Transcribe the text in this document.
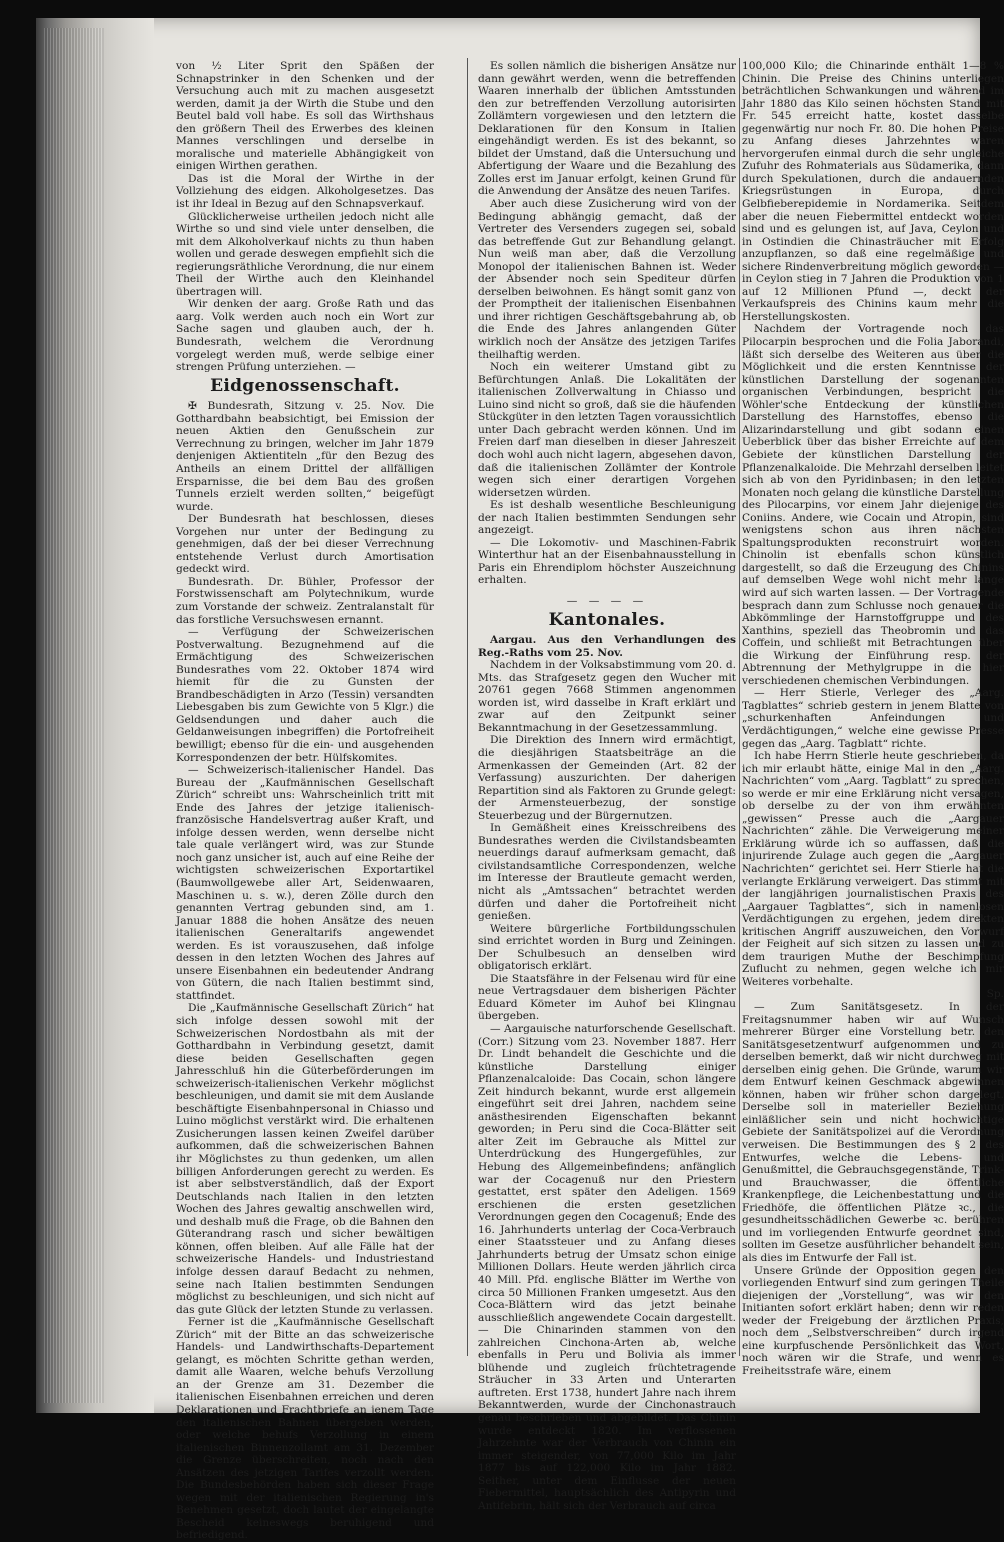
von ½ Liter Sprit den Späßen der Schnapstrinker in den Schenken und der Versuchung auch mit zu machen ausgesetzt werden, damit ja der Wirth die Stube und den Beutel bald voll habe. Es soll das Wirthshaus den größern Theil des Erwerbes des kleinen Mannes verschlingen und derselbe in moralische und materielle Abhängigkeit von einigen Wirthen gerathen.

Das ist die Moral der Wirthe in der Vollziehung des eidgen. Alkoholgesetzes. Das ist ihr Ideal in Bezug auf den Schnapsverkauf.

Glücklicherweise urtheilen jedoch nicht alle Wirthe so und sind viele unter denselben, die mit dem Alkoholverkauf nichts zu thun haben wollen und gerade deswegen empfiehlt sich die regierungsräthliche Verordnung, die nur einem Theil der Wirthe auch den Kleinhandel übertragen will.

Wir denken der aarg. Große Rath und das aarg. Volk werden auch noch ein Wort zur Sache sagen und glauben auch, der h. Bundesrath, welchem die Verordnung vorgelegt werden muß, werde selbige einer strengen Prüfung unterziehen. —

Eidgenossenschaft.

✠ Bundesrath, Sitzung v. 25. Nov. Die Gotthardbahn beabsichtigt, bei Emission der neuen Aktien den Genußschein zur Verrechnung zu bringen, welcher im Jahr 1879 denjenigen Aktientiteln „für den Bezug des Antheils an einem Drittel der allfälligen Ersparnisse, die bei dem Bau des großen Tunnels erzielt werden sollten,“ beigefügt wurde.

Der Bundesrath hat beschlossen, dieses Vorgehen nur unter der Bedingung zu genehmigen, daß der bei dieser Verrechnung entstehende Verlust durch Amortisation gedeckt wird.

Bundesrath. Dr. Bühler, Professor der Forstwissenschaft am Polytechnikum, wurde zum Vorstande der schweiz. Zentralanstalt für das forstliche Versuchswesen ernannt.

— Verfügung der Schweizerischen Postverwaltung. Bezugnehmend auf die Ermächtigung des Schweizerischen Bundesrathes vom 22. Oktober 1874 wird hiemit für die zu Gunsten der Brandbeschädigten in Arzo (Tessin) versandten Liebesgaben bis zum Gewichte von 5 Klgr.) die Geldsendungen und daher auch die Geldanweisungen inbegriffen) die Portofreiheit bewilligt; ebenso für die ein- und ausgehenden Korrespondenzen der betr. Hülfskomites.

— Schweizerisch-italienischer Handel. Das Bureau der „Kaufmännischen Gesellschaft Zürich“ schreibt uns: Wahrscheinlich tritt mit Ende des Jahres der jetzige italienisch-französische Handelsvertrag außer Kraft, und infolge dessen werden, wenn derselbe nicht tale quale verlängert wird, was zur Stunde noch ganz unsicher ist, auch auf eine Reihe der wichtigsten schweizerischen Exportartikel (Baumwollgewebe aller Art, Seidenwaaren, Maschinen u. s. w.), deren Zölle durch den genannten Vertrag gebunden sind, am 1. Januar 1888 die hohen Ansätze des neuen italienischen Generaltarifs angewendet werden. Es ist vorauszusehen, daß infolge dessen in den letzten Wochen des Jahres auf unsere Eisenbahnen ein bedeutender Andrang von Gütern, die nach Italien bestimmt sind, stattfindet.

Die „Kaufmännische Gesellschaft Zürich“ hat sich infolge dessen sowohl mit der Schweizerischen Nordostbahn als mit der Gotthardbahn in Verbindung gesetzt, damit diese beiden Gesellschaften gegen Jahresschluß hin die Güterbeförderungen im schweizerisch-italienischen Verkehr möglichst beschleunigen, und damit sie mit dem Auslande beschäftigte Eisenbahnpersonal in Chiasso und Luino möglichst verstärkt wird. Die erhaltenen Zusicherungen lassen keinen Zweifel darüber aufkommen, daß die schweizerischen Bahnen ihr Möglichstes zu thun gedenken, um allen billigen Anforderungen gerecht zu werden. Es ist aber selbstverständlich, daß der Export Deutschlands nach Italien in den letzten Wochen des Jahres gewaltig anschwellen wird, und deshalb muß die Frage, ob die Bahnen den Güterandrang rasch und sicher bewältigen können, offen bleiben. Auf alle Fälle hat der schweizerische Handels- und Industriestand infolge dessen darauf Bedacht zu nehmen, seine nach Italien bestimmten Sendungen möglichst zu beschleunigen, und sich nicht auf das gute Glück der letzten Stunde zu verlassen.

Ferner ist die „Kaufmännische Gesellschaft Zürich“ mit der Bitte an das schweizerische Handels- und Landwirthschafts-Departement gelangt, es möchten Schritte gethan werden, damit alle Waaren, welche behufs Verzollung an der Grenze am 31. Dezember die italienischen Eisenbahnen erreichen und deren Deklarationen und Frachtbriefe an jenem Tage den italienischen Bahnen übergeben werden, oder welche behufs Verzollung in einem italienischen Binnenzollamt am 31. Dezember die Grenze überschreiten, noch nach den Ansätzen des jetzigen Tarifes verzollt werden. Die Bundesbehörden haben sich dieser Frage wegen mit der italienischen Regierung in's Benehmen gesetzt, doch lautet der eingelangte Bescheid keineswegs beruhigend und befriedigend.

Es sollen nämlich die bisherigen Ansätze nur dann gewährt werden, wenn die betreffenden Waaren innerhalb der üblichen Amtsstunden den zur betreffenden Verzollung autorisirten Zollämtern vorgewiesen und den letztern die Deklarationen für den Konsum in Italien eingehändigt werden. Es ist des bekannt, so bildet der Umstand, daß die Untersuchung und Abfertigung der Waare und die Bezahlung des Zolles erst im Januar erfolgt, keinen Grund für die Anwendung der Ansätze des neuen Tarifes.

Aber auch diese Zusicherung wird von der Bedingung abhängig gemacht, daß der Vertreter des Versenders zugegen sei, sobald das betreffende Gut zur Behandlung gelangt. Nun weiß man aber, daß die Verzollung Monopol der italienischen Bahnen ist. Weder der Absender noch sein Spediteur dürfen derselben beiwohnen. Es hängt somit ganz von der Promptheit der italienischen Eisenbahnen und ihrer richtigen Geschäftsgebahrung ab, ob die Ende des Jahres anlangenden Güter wirklich noch der Ansätze des jetzigen Tarifes theilhaftig werden.

Noch ein weiterer Umstand gibt zu Befürchtungen Anlaß. Die Lokalitäten der italienischen Zollverwaltung in Chiasso und Luino sind nicht so groß, daß sie die häufenden Stückgüter in den letzten Tagen voraussichtlich unter Dach gebracht werden können. Und im Freien darf man dieselben in dieser Jahreszeit doch wohl auch nicht lagern, abgesehen davon, daß die italienischen Zollämter der Kontrole wegen sich einer derartigen Vorgehen widersetzen würden.

Es ist deshalb wesentliche Beschleunigung der nach Italien bestimmten Sendungen sehr angezeigt.

— Die Lokomotiv- und Maschinen-Fabrik Winterthur hat an der Eisenbahnausstellung in Paris ein Ehrendiplom höchster Auszeichnung erhalten.

— — — —
Kantonales.

Aargau. Aus den Verhandlungen des Reg.-Raths vom 25. Nov.

Nachdem in der Volksabstimmung vom 20. d. Mts. das Strafgesetz gegen den Wucher mit 20761 gegen 7668 Stimmen angenommen worden ist, wird dasselbe in Kraft erklärt und zwar auf den Zeitpunkt seiner Bekanntmachung in der Gesetzessammlung.

Die Direktion des Innern wird ermächtigt, die diesjährigen Staatsbeiträge an die Armenkassen der Gemeinden (Art. 82 der Verfassung) auszurichten. Der daherigen Repartition sind als Faktoren zu Grunde gelegt: der Armensteuerbezug, der sonstige Steuerbezug und der Bürgernutzen.

In Gemäßheit eines Kreisschreibens des Bundesrathes werden die Civilstandsbeamten neuerdings darauf aufmerksam gemacht, daß civilstandsamtliche Correspondenzen, welche im Interesse der Brautleute gemacht werden, nicht als „Amtssachen“ betrachtet werden dürfen und daher die Portofreiheit nicht genießen.

Weitere bürgerliche Fortbildungsschulen sind errichtet worden in Burg und Zeiningen. Der Schulbesuch an denselben wird obligatorisch erklärt.

Die Staatsfähre in der Felsenau wird für eine neue Vertragsdauer dem bisherigen Pächter Eduard Kömeter im Auhof bei Klingnau übergeben.

— Aargauische naturforschende Gesellschaft. (Corr.) Sitzung vom 23. November 1887. Herr Dr. Lindt behandelt die Geschichte und die künstliche Darstellung einiger Pflanzenalcaloide: Das Cocain, schon längere Zeit hindurch bekannt, wurde erst allgemein eingeführt seit drei Jahren, nachdem seine anästhesirenden Eigenschaften bekannt geworden; in Peru sind die Coca-Blätter seit alter Zeit im Gebrauche als Mittel zur Unterdrückung des Hungergefühles, zur Hebung des Allgemeinbefindens; anfänglich war der Cocagenuß nur den Priestern gestattet, erst später den Adeligen. 1569 erschienen die ersten gesetzlichen Verordnungen gegen den Cocagenuß; Ende des 16. Jahrhunderts unterlag der Coca-Verbrauch einer Staatssteuer und zu Anfang dieses Jahrhunderts betrug der Umsatz schon einige Millionen Dollars. Heute werden jährlich circa 40 Mill. Pfd. englische Blätter im Werthe von circa 50 Millionen Franken umgesetzt. Aus den Coca-Blättern wird das jetzt beinahe ausschließlich angewendete Cocain dargestellt. — Die Chinarinden stammen von den zahlreichen Cinchona-Arten ab, welche ebenfalls in Peru und Bolivia als immer blühende und zugleich früchtetragende Sträucher in 33 Arten und Unterarten auftreten. Erst 1738, hundert Jahre nach ihrem Bekanntwerden, wurde der Cinchonastrauch genau beschrieben und abgebildet. Das Chinin wurde entdeckt 1820. Im verflossenen Jahrzehnte war der Verbrauch von Chinin ein immer steigender, von 77,000 Kilo im Jahr 1877 bis auf 122,000 Kilo im Jahr 1882. Seither, unter dem Einflusse der neuen Fiebermittel, hauptsächlich des Antipyrin und Antifebrin, hält sich der Verbrauch auf circa

100,000 Kilo; die Chinarinde enthält 1—8 % Chinin. Die Preise des Chinins unterliegen beträchtlichen Schwankungen und während im Jahr 1880 das Kilo seinen höchsten Stand mit Fr. 545 erreicht hatte, kostet dasselbe gegenwärtig nur noch Fr. 80. Die hohen Preise zu Anfang dieses Jahrzehntes waren hervorgerufen einmal durch die sehr ungleiche Zufuhr des Rohmaterials aus Südamerika, dann durch Spekulationen, durch die andauernden Kriegsrüstungen in Europa, durch Gelbfieberepidemie in Nordamerika. Seitdem aber die neuen Fiebermittel entdeckt worden sind und es gelungen ist, auf Java, Ceylon und in Ostindien die Chinasträucher mit Erfolg anzupflanzen, so daß eine regelmäßige und sichere Rindenverbreitung möglich geworden — in Ceylon stieg in 7 Jahren die Produktion von 1 auf 12 Millionen Pfund —, deckt der Verkaufspreis des Chinins kaum mehr die Herstellungskosten.

Nachdem der Vortragende noch das Pilocarpin besprochen und die Folia Jaborandi, läßt sich derselbe des Weiteren aus über die Möglichkeit und die ersten Kenntnisse der künstlichen Darstellung der sogenannten organischen Verbindungen, bespricht die Wöhler'sche Entdeckung der künstlichen Darstellung des Harnstoffes, ebenso die Alizarindarstellung und gibt sodann einen Ueberblick über das bisher Erreichte auf dem Gebiete der künstlichen Darstellung der Pflanzenalkaloide. Die Mehrzahl derselben leitet sich ab von den Pyridinbasen; in den letzten Monaten noch gelang die künstliche Darstellung des Pilocarpins, vor einem Jahr diejenige des Coniins. Andere, wie Cocain und Atropin, sind wenigstens schon aus ihren nächsten Spaltungsprodukten reconstruirt worden. Chinolin ist ebenfalls schon künstlich dargestellt, so daß die Erzeugung des Chinins auf demselben Wege wohl nicht mehr lange wird auf sich warten lassen. — Der Vortragende besprach dann zum Schlusse noch genauer die Abkömmlinge der Harnstoffgruppe und des Xanthins, speziell das Theobromin und das Coffein, und schließt mit Betrachtungen über die Wirkung der Einführung resp. der Abtrennung der Methylgruppe in die hier verschiedenen chemischen Verbindungen.

— Herr Stierle, Verleger des „Aarg. Tagblattes“ schrieb gestern in jenem Blatte von „schurkenhaften Anfeindungen und Verdächtigungen,“ welche eine gewisse Presse gegen das „Aarg. Tagblatt“ richte.

Ich habe Herrn Stierle heute geschrieben, da ich mir erlaubt hätte, einige Mal in den „Aarg. Nachrichten“ vom „Aarg. Tagblatt“ zu sprechen, so werde er mir eine Erklärung nicht versagen, ob derselbe zu der von ihm erwähnten „gewissen“ Presse auch die „Aargauer Nachrichten“ zähle. Die Verweigerung meiner Erklärung würde ich so auffassen, daß die injurirende Zulage auch gegen die „Aargauer Nachrichten“ gerichtet sei. Herr Stierle hat die verlangte Erklärung verweigert. Das stimmt mit der langjährigen journalistischen Praxis des „Aargauer Tagblattes“, sich in namenlosen Verdächtigungen zu ergehen, jedem direkten kritischen Angriff auszuweichen, den Vorwurf der Feigheit auf sich sitzen zu lassen und zu dem traurigen Muthe der Beschimpfung Zuflucht zu nehmen, gegen welche ich mir Weiteres vorbehalte.

Sp.

— Zum Sanitätsgesetz. In der Freitagsnummer haben wir auf Wunsch mehrerer Bürger eine Vorstellung betr. den Sanitätsgesetzentwurf aufgenommen und zu derselben bemerkt, daß wir nicht durchweg mit derselben einig gehen. Die Gründe, warum wir dem Entwurf keinen Geschmack abgewinnen können, haben wir früher schon dargelegt. Derselbe soll in materieller Beziehung einläßlicher sein und nicht hochwichtige Gebiete der Sanitätspolizei auf die Verordnung verweisen. Die Bestimmungen des § 2 des Entwurfes, welche die Lebens- und Genußmittel, die Gebrauchsgegenstände, Trink- und Brauchwasser, die öffentliche Krankenpflege, die Leichenbestattung und die Friedhöfe, die öffentlichen Plätze ꝛc., die gesundheitsschädlichen Gewerbe ꝛc. berühren und im vorliegenden Entwurfe geordnet sind, sollten im Gesetze ausführlicher behandelt sein, als dies im Entwurfe der Fall ist.

Unsere Gründe der Opposition gegen den vorliegenden Entwurf sind zum geringen Theile diejenigen der „Vorstellung“, was wir den Initianten sofort erklärt haben; denn wir reden weder der Freigebung der ärztlichen Praxis, noch dem „Selbstverschreiben“ durch irgend eine kurpfuschende Persönlichkeit das Wort, noch wären wir die Strafe, und wenn es Freiheitsstrafe wäre, einem
